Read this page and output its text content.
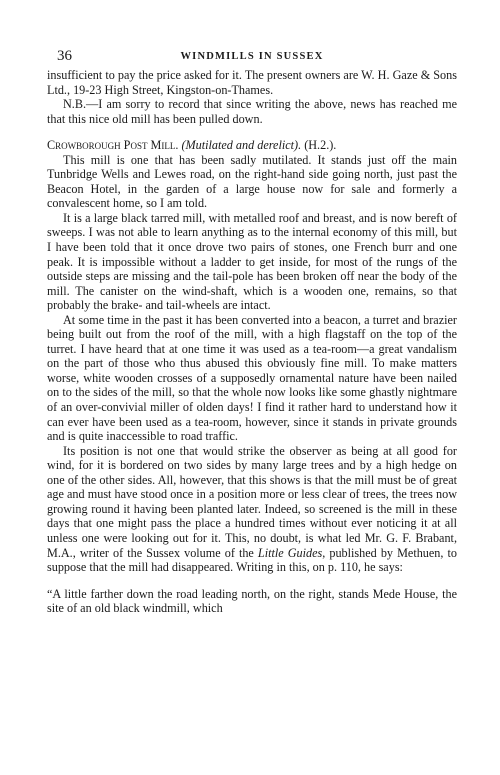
36	WINDMILLS IN SUSSEX

insufficient to pay the price asked for it. The present owners are W. H. Gaze & Sons Ltd., 19-23 High Street, Kingston-on-Thames.

N.B.—I am sorry to record that since writing the above, news has reached me that this nice old mill has been pulled down.

Crowborough Post Mill. (Mutilated and derelict). (H.2.).

This mill is one that has been sadly mutilated. It stands just off the main Tunbridge Wells and Lewes road, on the right-hand side going north, just past the Beacon Hotel, in the garden of a large house now for sale and formerly a convalescent home, so I am told.

It is a large black tarred mill, with metalled roof and breast, and is now bereft of sweeps. I was not able to learn anything as to the internal economy of this mill, but I have been told that it once drove two pairs of stones, one French burr and one peak. It is impossible without a ladder to get inside, for most of the rungs of the outside steps are missing and the tail-pole has been broken off near the body of the mill. The canister on the wind-shaft, which is a wooden one, remains, so that probably the brake- and tail-wheels are intact.

At some time in the past it has been converted into a beacon, a turret and brazier being built out from the roof of the mill, with a high flagstaff on the top of the turret. I have heard that at one time it was used as a tea-room—a great vandalism on the part of those who thus abused this obviously fine mill. To make matters worse, white wooden crosses of a supposedly ornamental nature have been nailed on to the sides of the mill, so that the whole now looks like some ghastly nightmare of an over-convivial miller of olden days! I find it rather hard to understand how it can ever have been used as a tea-room, however, since it stands in private grounds and is quite inaccessible to road traffic.

Its position is not one that would strike the observer as being at all good for wind, for it is bordered on two sides by many large trees and by a high hedge on one of the other sides. All, however, that this shows is that the mill must be of great age and must have stood once in a position more or less clear of trees, the trees now growing round it having been planted later. Indeed, so screened is the mill in these days that one might pass the place a hundred times without ever noticing it at all unless one were looking out for it. This, no doubt, is what led Mr. G. F. Brabant, M.A., writer of the Sussex volume of the Little Guides, published by Methuen, to suppose that the mill had disappeared. Writing in this, on p. 110, he says:

“A little farther down the road leading north, on the right, stands Mede House, the site of an old black windmill, which
